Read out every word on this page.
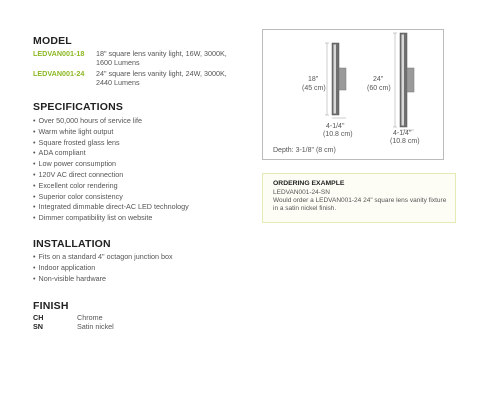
MODEL
LEDVAN001-18 18" square lens vanity light, 16W, 3000K,
1600 Lumens
LEDVAN001-24 24" square lens vanity light, 24W, 3000K,
2440 Lumens
SPECIFICATIONS
• Over 50,000 hours of service life
• Warm white light output
• Square frosted glass lens
• ADA compliant
• Low power consumption
• 120V AC direct connection
• Excellent color rendering
• Superior color consistency
• Integrated dimmable direct-AC LED technology
• Dimmer compatibility list on website
INSTALLATION
• Fits on a standard 4" octagon junction box
• Indoor application
• Non-visible hardware
FINISH
CH	Chrome
SN	Satin nickel
18"
(45 cm)
4-1/4"
(10.8 cm)
24"
(60 cm)
4-1/4"
(10.8 cm)
Depth: 3-1/8" (8 cm)
ORDERING EXAMPLE
LEDVAN001-24-SN
Would order a LEDVAN001-24 24" square lens vanity fixture in a satin nickel finish.
